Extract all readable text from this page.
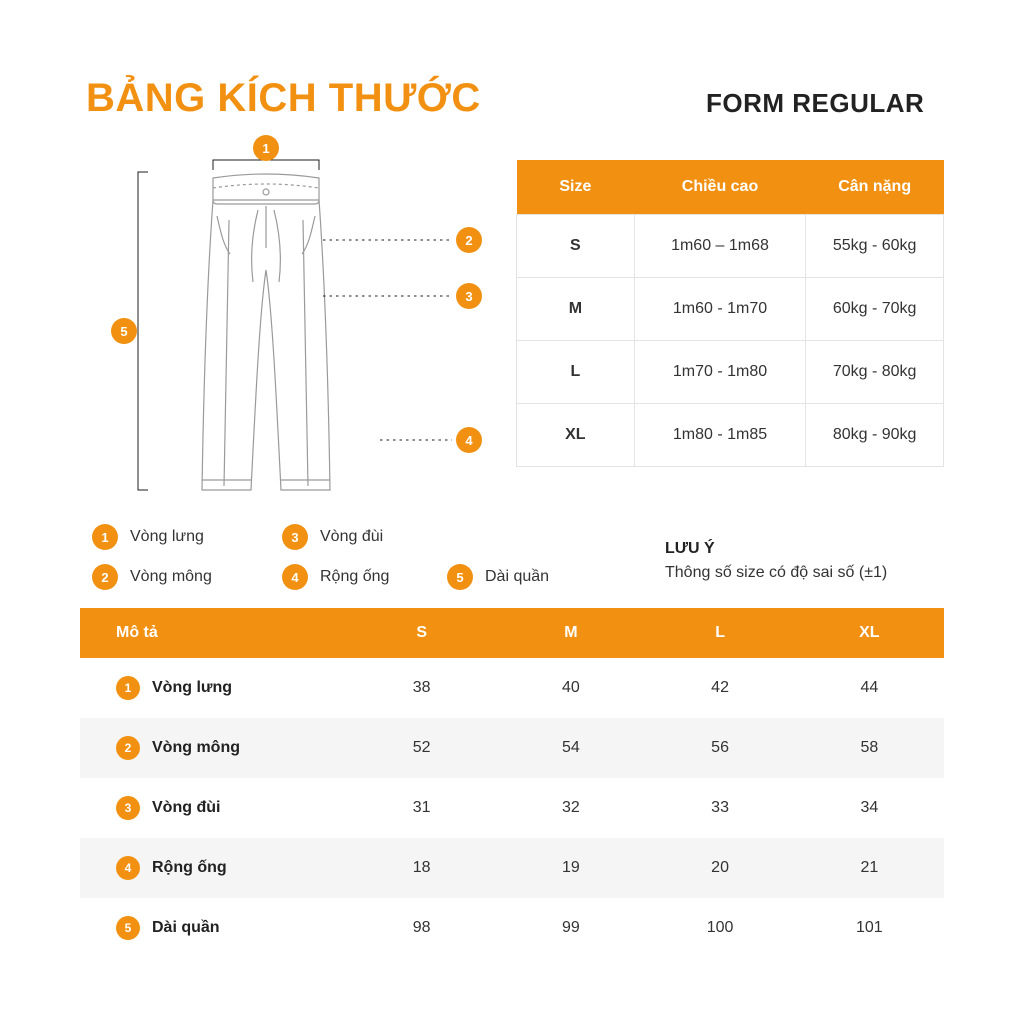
BẢNG KÍCH THƯỚC	FORM REGULAR
1
2
3
4
5
1	Vòng lưng	3	Vòng đùi
2	Vòng mông	4	Rộng ống	5	Dài quần
Size	Chiều cao	Cân nặng
S	1m60 – 1m68	55kg - 60kg
M	1m60 - 1m70	60kg - 70kg
L	1m70 - 1m80	70kg - 80kg
XL	1m80 - 1m85	80kg - 90kg
LƯU Ý
Thông số size có độ sai số (±1)
Mô tả	S	M	L	XL

1 Vòng lưng	38	40	42	44

2 Vòng mông	52	54	56	58

3 Vòng đùi	31	32	33	34

4 Rộng ống	18	19	20	21

5 Dài quần	98	99	100	101
